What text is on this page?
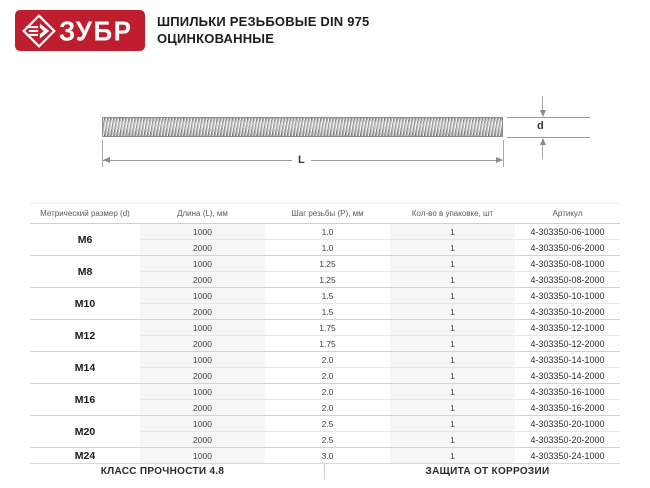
ЗУБР ШПИЛЬКИ РЕЗЬБОВЫЕ DIN 975
ОЦИНКОВАННЫЕ
L
d
Метрический размер (d)	Длина (L), мм	Шаг резьбы (P), мм	Кол-во в упаковке, шт	Артикул
М6	1000	1.0	1	4-303350-06-1000
	2000	1.0	1	4-303350-06-2000
М8	1000	1.25	1	4-303350-08-1000
	2000	1.25	1	4-303350-08-2000
М10	1000	1.5	1	4-303350-10-1000
	2000	1.5	1	4-303350-10-2000
М12	1000	1.75	1	4-303350-12-1000
	2000	1.75	1	4-303350-12-2000
М14	1000	2.0	1	4-303350-14-1000
	2000	2.0	1	4-303350-14-2000
М16	1000	2.0	1	4-303350-16-1000
	2000	2.0	1	4-303350-16-2000
М20	1000	2.5	1	4-303350-20-1000
	2000	2.5	1	4-303350-20-2000
М24	1000	3.0	1	4-303350-24-1000
КЛАСС ПРОЧНОСТИ 4.8	ЗАЩИТА ОТ КОРРОЗИИ
